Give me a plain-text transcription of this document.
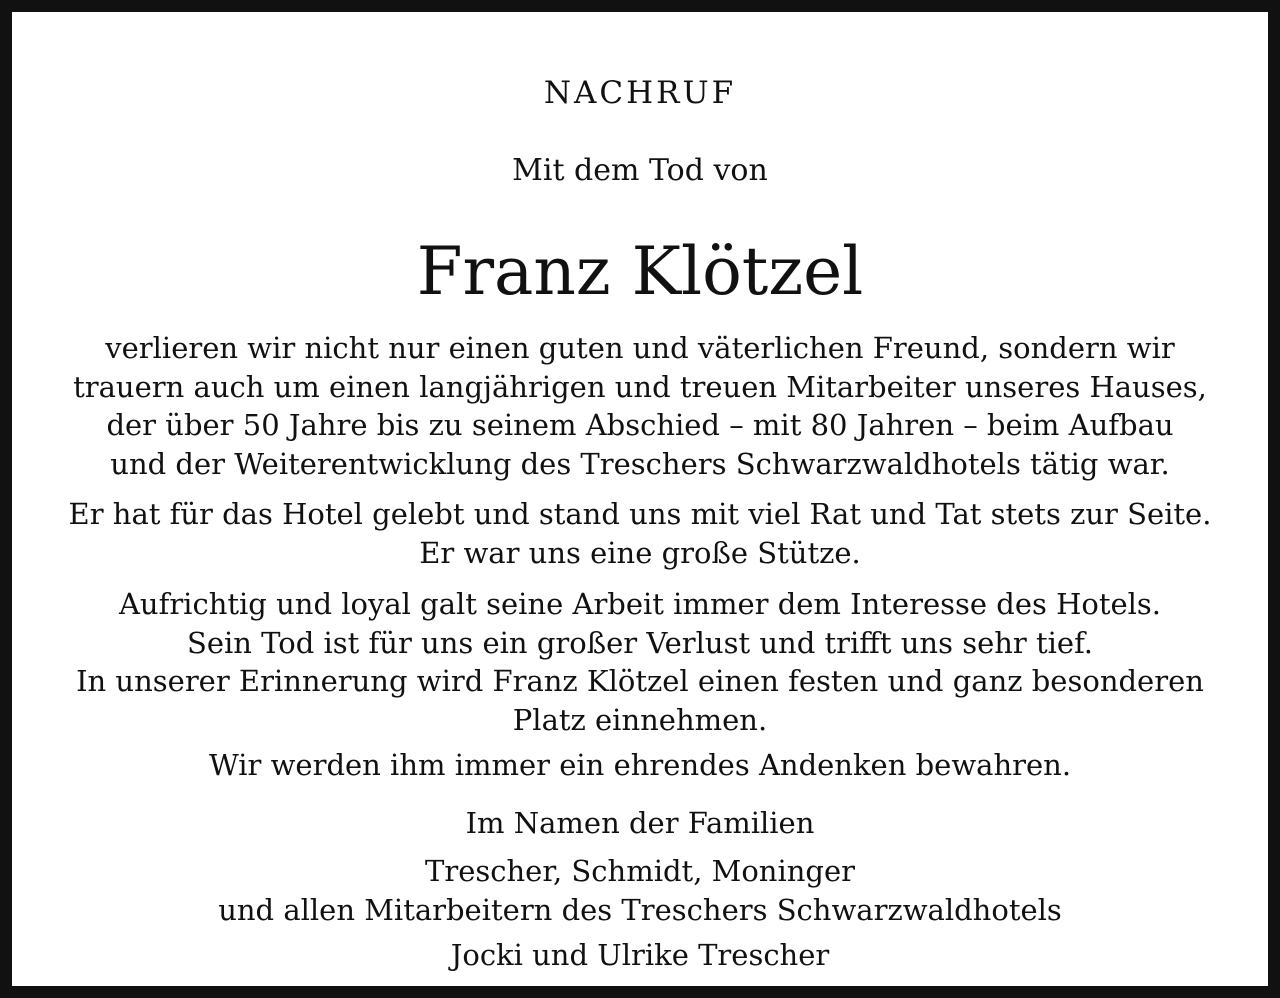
NACHRUF
Mit dem Tod von
Franz Klötzel
verlieren wir nicht nur einen guten und väterlichen Freund, sondern wir
trauern auch um einen langjährigen und treuen Mitarbeiter unseres Hauses,
der über 50 Jahre bis zu seinem Abschied – mit 80 Jahren – beim Aufbau
und der Weiterentwicklung des Treschers Schwarzwaldhotels tätig war.
Er hat für das Hotel gelebt und stand uns mit viel Rat und Tat stets zur Seite.
Er war uns eine große Stütze.
Aufrichtig und loyal galt seine Arbeit immer dem Interesse des Hotels.
Sein Tod ist für uns ein großer Verlust und trifft uns sehr tief.
In unserer Erinnerung wird Franz Klötzel einen festen und ganz besonderen
Platz einnehmen.
Wir werden ihm immer ein ehrendes Andenken bewahren.
Im Namen der Familien
Trescher, Schmidt, Moninger
und allen Mitarbeitern des Treschers Schwarzwaldhotels
Jocki und Ulrike Trescher
